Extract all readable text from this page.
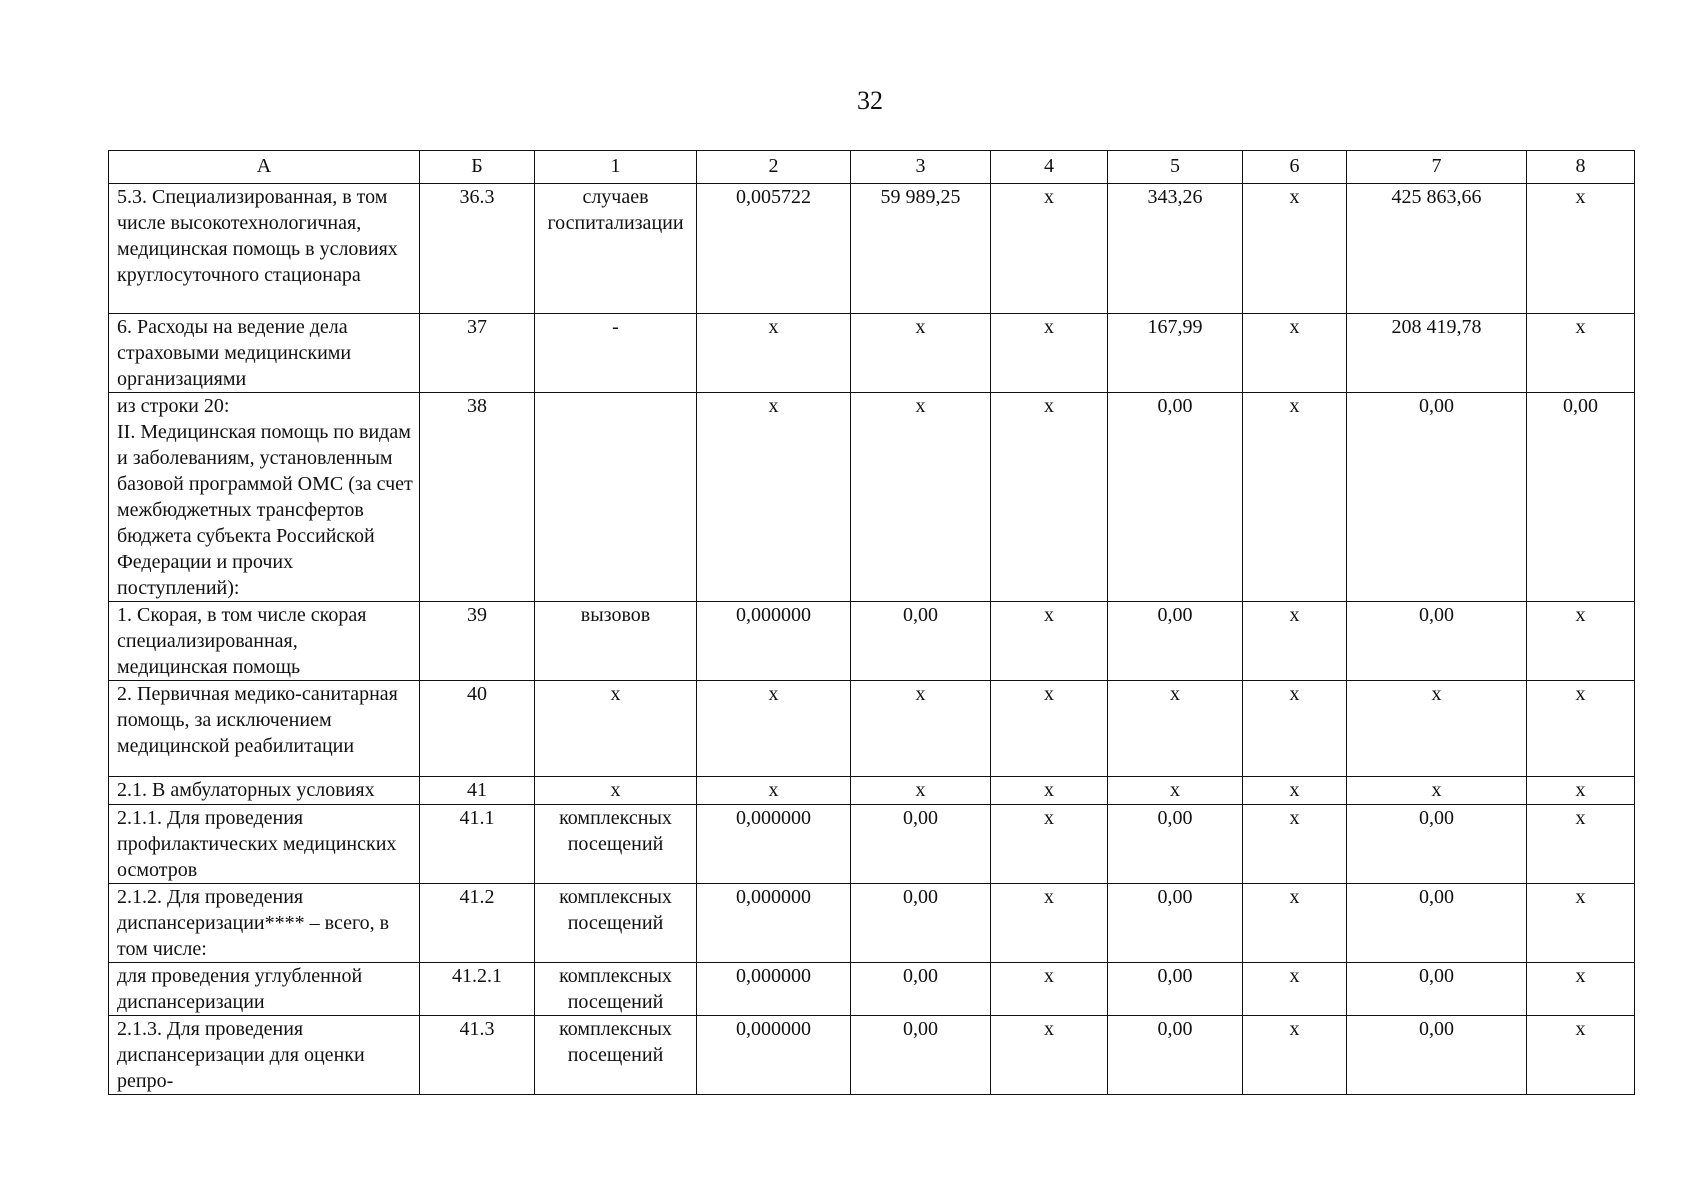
32
А	Б	1	2	3	4	5	6	7	8
5.3. Специализированная, в том числе высокотехнологичная, медицинская помощь в условиях круглосуточного стационара	36.3	случаев госпитализации	0,005722	59 989,25	х	343,26	х	425 863,66	х
6. Расходы на ведение дела страховыми медицинскими организациями	37	-	х	х	х	167,99	х	208 419,78	х
из строки 20:
II. Медицинская помощь по видам и заболеваниям, установленным базовой программой ОМС (за счет межбюджетных трансфертов бюджета субъекта Российской Федерации и прочих поступлений):	38		х	х	х	0,00	х	0,00	0,00
1. Скорая, в том числе скорая специализированная, медицинская помощь	39	вызовов	0,000000	0,00	х	0,00	х	0,00	х
2. Первичная медико-санитарная помощь, за исключением медицинской реабилитации	40	х	х	х	х	х	х	х	х
2.1. В амбулаторных условиях	41	х	х	х	х	х	х	х	х
2.1.1. Для проведения профилактических медицинских осмотров	41.1	комплексных посещений	0,000000	0,00	х	0,00	х	0,00	х
2.1.2. Для проведения диспансеризации**** – всего, в том числе:	41.2	комплексных посещений	0,000000	0,00	х	0,00	х	0,00	х
для проведения углубленной диспансеризации	41.2.1	комплексных посещений	0,000000	0,00	х	0,00	х	0,00	х
2.1.3. Для проведения диспансеризации для оценки репро-	41.3	комплексных посещений	0,000000	0,00	х	0,00	х	0,00	х
